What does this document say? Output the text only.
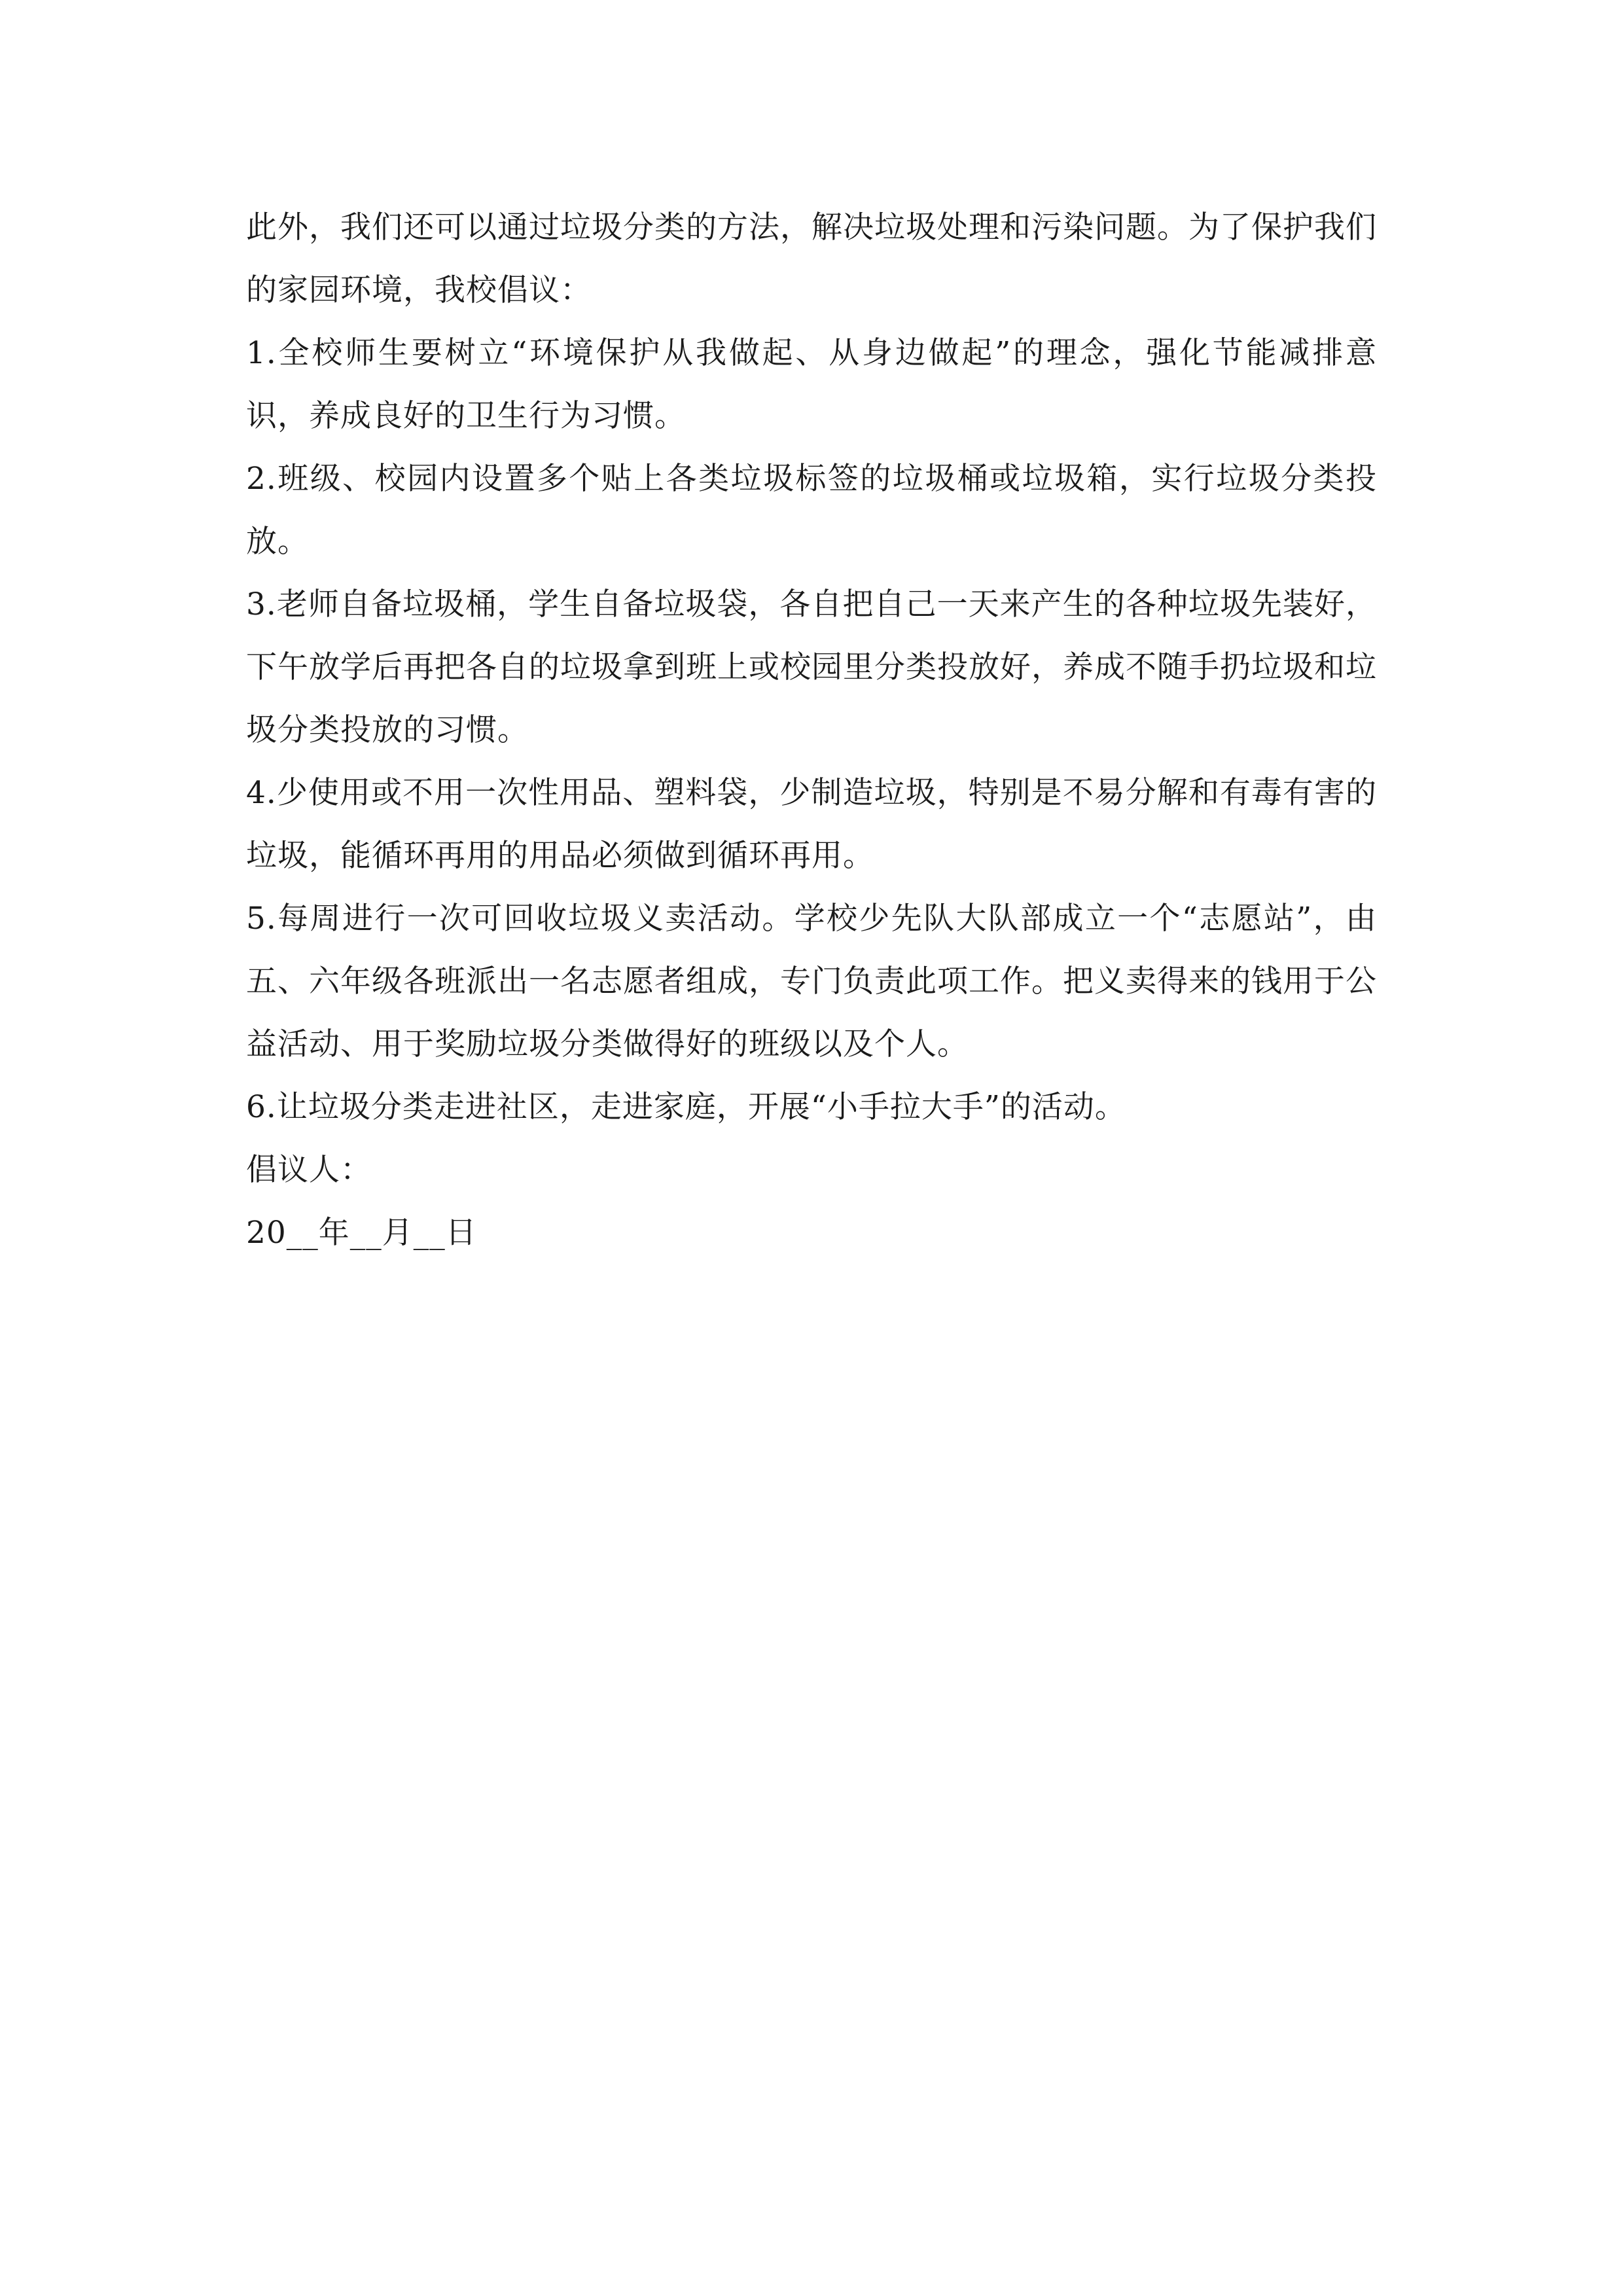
此外，我们还可以通过垃圾分类的方法，解决垃圾处理和污染问题。为了保护我们的家园环境，我校倡议：

1.全校师生要树立“环境保护从我做起、从身边做起”的理念，强化节能减排意识，养成良好的卫生行为习惯。

2.班级、校园内设置多个贴上各类垃圾标签的垃圾桶或垃圾箱，实行垃圾分类投放。

3.老师自备垃圾桶，学生自备垃圾袋，各自把自己一天来产生的各种垃圾先装好，下午放学后再把各自的垃圾拿到班上或校园里分类投放好，养成不随手扔垃圾和垃圾分类投放的习惯。

4.少使用或不用一次性用品、塑料袋，少制造垃圾，特别是不易分解和有毒有害的垃圾，能循环再用的用品必须做到循环再用。

5.每周进行一次可回收垃圾义卖活动。学校少先队大队部成立一个“志愿站”，由五、六年级各班派出一名志愿者组成，专门负责此项工作。把义卖得来的钱用于公益活动、用于奖励垃圾分类做得好的班级以及个人。

6.让垃圾分类走进社区，走进家庭，开展“小手拉大手”的活动。

倡议人：

20__年__月__日
